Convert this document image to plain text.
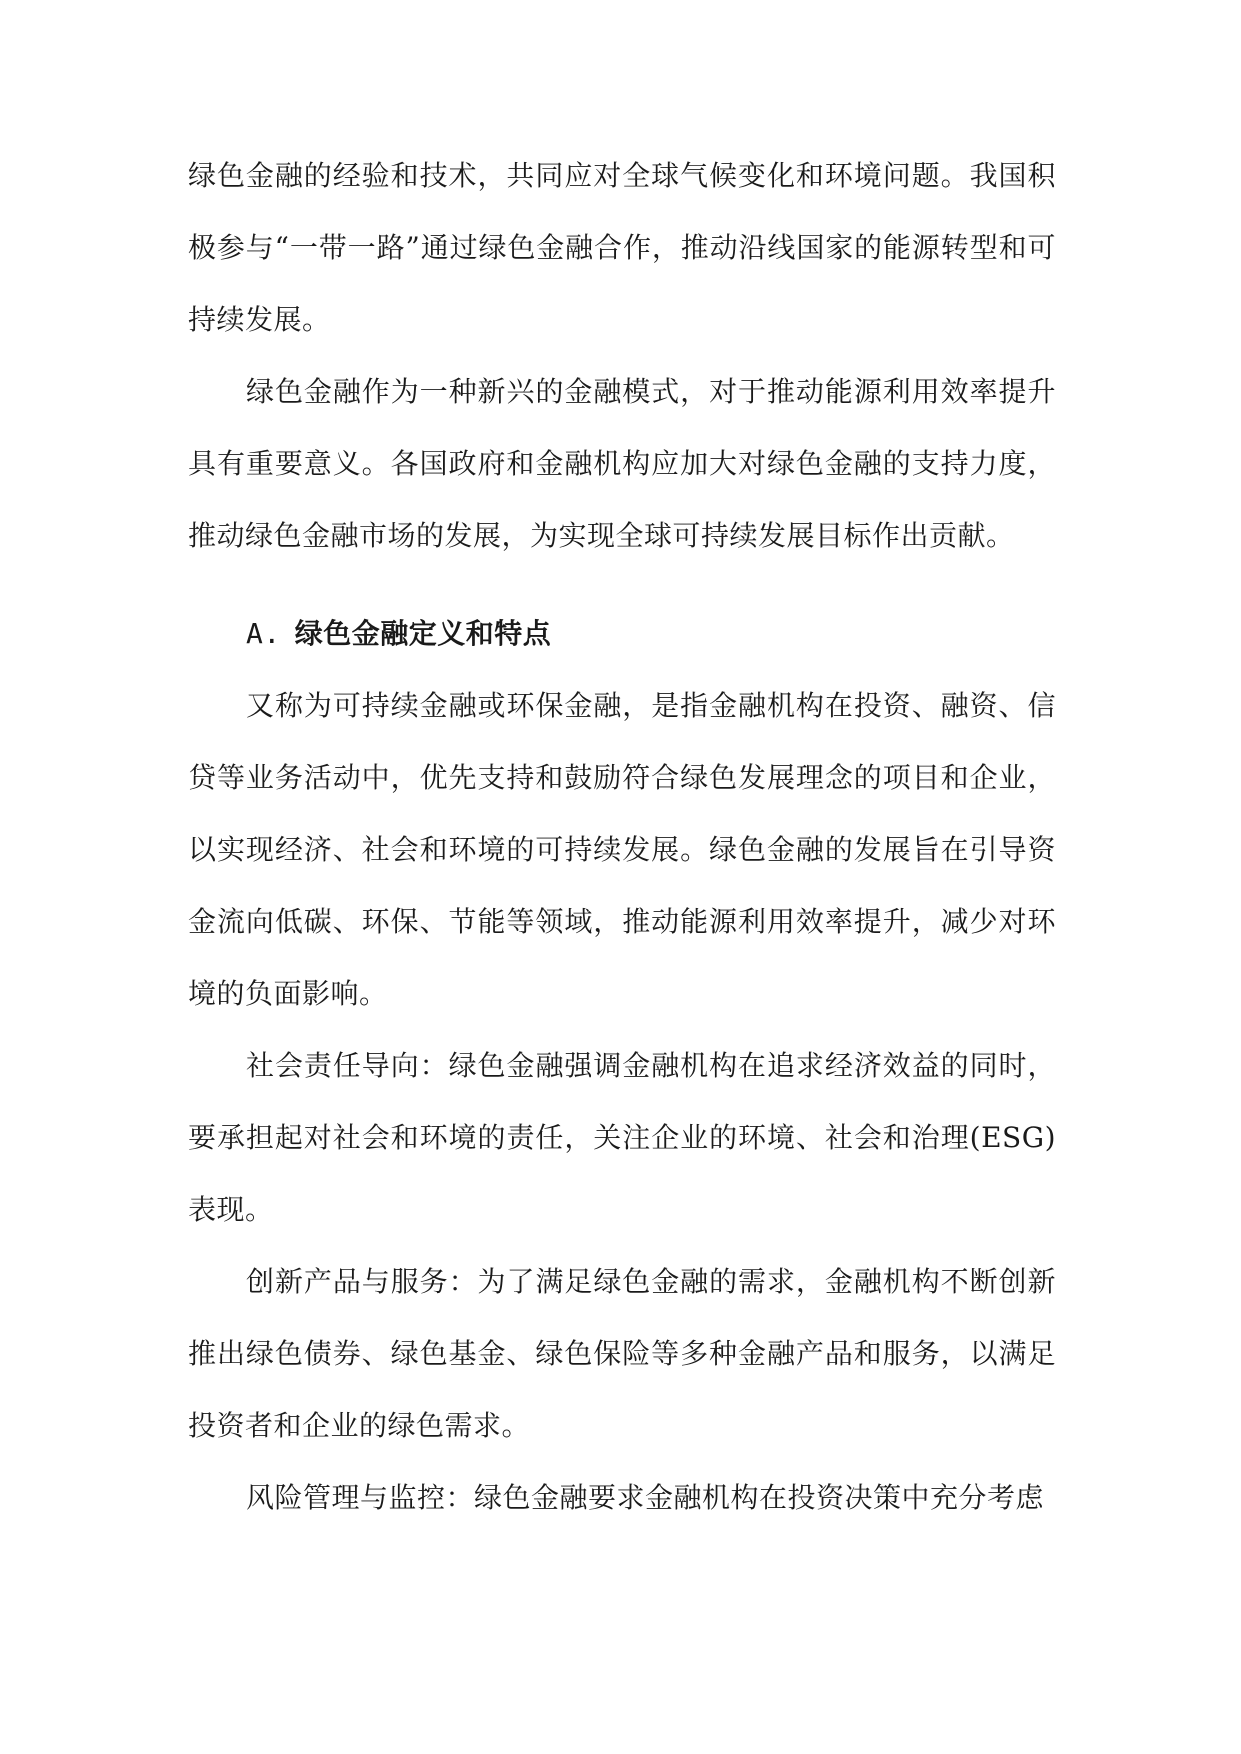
绿色金融的经验和技术，共同应对全球气候变化和环境问题。我国积极参与“一带一路”通过绿色金融合作，推动沿线国家的能源转型和可持续发展。

绿色金融作为一种新兴的金融模式，对于推动能源利用效率提升具有重要意义。各国政府和金融机构应加大对绿色金融的支持力度，推动绿色金融市场的发展，为实现全球可持续发展目标作出贡献。

A. 绿色金融定义和特点

又称为可持续金融或环保金融，是指金融机构在投资、融资、信贷等业务活动中，优先支持和鼓励符合绿色发展理念的项目和企业，以实现经济、社会和环境的可持续发展。绿色金融的发展旨在引导资金流向低碳、环保、节能等领域，推动能源利用效率提升，减少对环境的负面影响。

社会责任导向：绿色金融强调金融机构在追求经济效益的同时，要承担起对社会和环境的责任，关注企业的环境、社会和治理(ESG)表现。

创新产品与服务：为了满足绿色金融的需求，金融机构不断创新推出绿色债券、绿色基金、绿色保险等多种金融产品和服务，以满足投资者和企业的绿色需求。

风险管理与监控：绿色金融要求金融机构在投资决策中充分考虑
